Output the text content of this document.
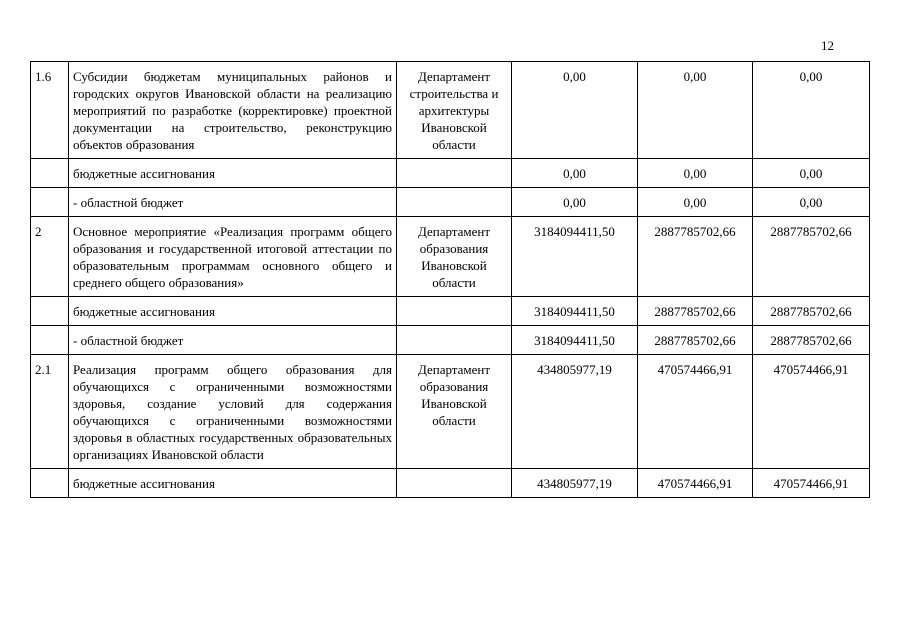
12
1.6	Субсидии бюджетам муниципальных районов и городских округов Ивановской области на реализацию мероприятий по разработке (корректировке) проектной документации на строительство, реконструкцию объектов образования	Департамент строительства и архитектуры Ивановской области	0,00	0,00	0,00
	бюджетные ассигнования		0,00	0,00	0,00
	- областной бюджет		0,00	0,00	0,00
2	Основное мероприятие «Реализация программ общего образования и государственной итоговой аттестации по образовательным программам основного общего и среднего общего образования»	Департамент образования Ивановской области	3184094411,50	2887785702,66	2887785702,66
	бюджетные ассигнования		3184094411,50	2887785702,66	2887785702,66
	- областной бюджет		3184094411,50	2887785702,66	2887785702,66
2.1	Реализация программ общего образования для обучающихся с ограниченными возможностями здоровья, создание условий для содержания обучающихся с ограниченными возможностями здоровья в областных государственных образовательных организациях Ивановской области	Департамент образования Ивановской области	434805977,19	470574466,91	470574466,91
	бюджетные ассигнования		434805977,19	470574466,91	470574466,91
